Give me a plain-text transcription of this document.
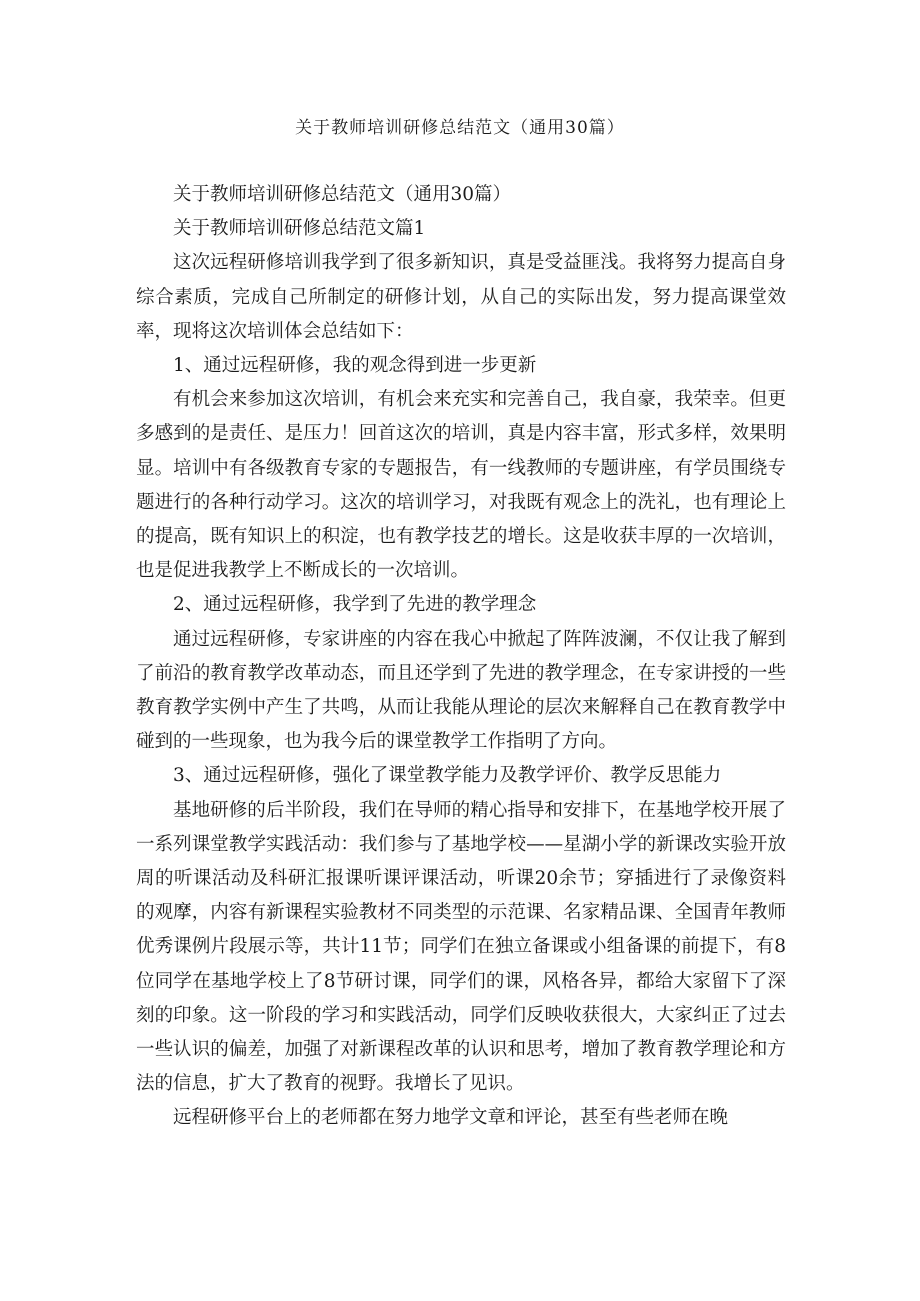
关于教师培训研修总结范文（通用30篇）

关于教师培训研修总结范文（通用30篇）

关于教师培训研修总结范文篇1

这次远程研修培训我学到了很多新知识，真是受益匪浅。我将努力提高自身综合素质，完成自己所制定的研修计划，从自己的实际出发，努力提高课堂效率，现将这次培训体会总结如下：

1、通过远程研修，我的观念得到进一步更新

有机会来参加这次培训，有机会来充实和完善自己，我自豪，我荣幸。但更多感到的是责任、是压力！回首这次的培训，真是内容丰富，形式多样，效果明显。培训中有各级教育专家的专题报告，有一线教师的专题讲座，有学员围绕专题进行的各种行动学习。这次的培训学习，对我既有观念上的洗礼，也有理论上的提高，既有知识上的积淀，也有教学技艺的增长。这是收获丰厚的一次培训，也是促进我教学上不断成长的一次培训。

2、通过远程研修，我学到了先进的教学理念

通过远程研修，专家讲座的内容在我心中掀起了阵阵波澜，不仅让我了解到了前沿的教育教学改革动态，而且还学到了先进的教学理念，在专家讲授的一些教育教学实例中产生了共鸣，从而让我能从理论的层次来解释自己在教育教学中碰到的一些现象，也为我今后的课堂教学工作指明了方向。

3、通过远程研修，强化了课堂教学能力及教学评价、教学反思能力

基地研修的后半阶段，我们在导师的精心指导和安排下，在基地学校开展了一系列课堂教学实践活动：我们参与了基地学校——星湖小学的新课改实验开放周的听课活动及科研汇报课听课评课活动，听课20余节；穿插进行了录像资料的观摩，内容有新课程实验教材不同类型的示范课、名家精品课、全国青年教师优秀课例片段展示等，共计11节；同学们在独立备课或小组备课的前提下，有8位同学在基地学校上了8节研讨课，同学们的课，风格各异，都给大家留下了深刻的印象。这一阶段的学习和实践活动，同学们反映收获很大，大家纠正了过去一些认识的偏差，加强了对新课程改革的认识和思考，增加了教育教学理论和方法的信息，扩大了教育的视野。我增长了见识。

远程研修平台上的老师都在努力地学文章和评论，甚至有些老师在晚
